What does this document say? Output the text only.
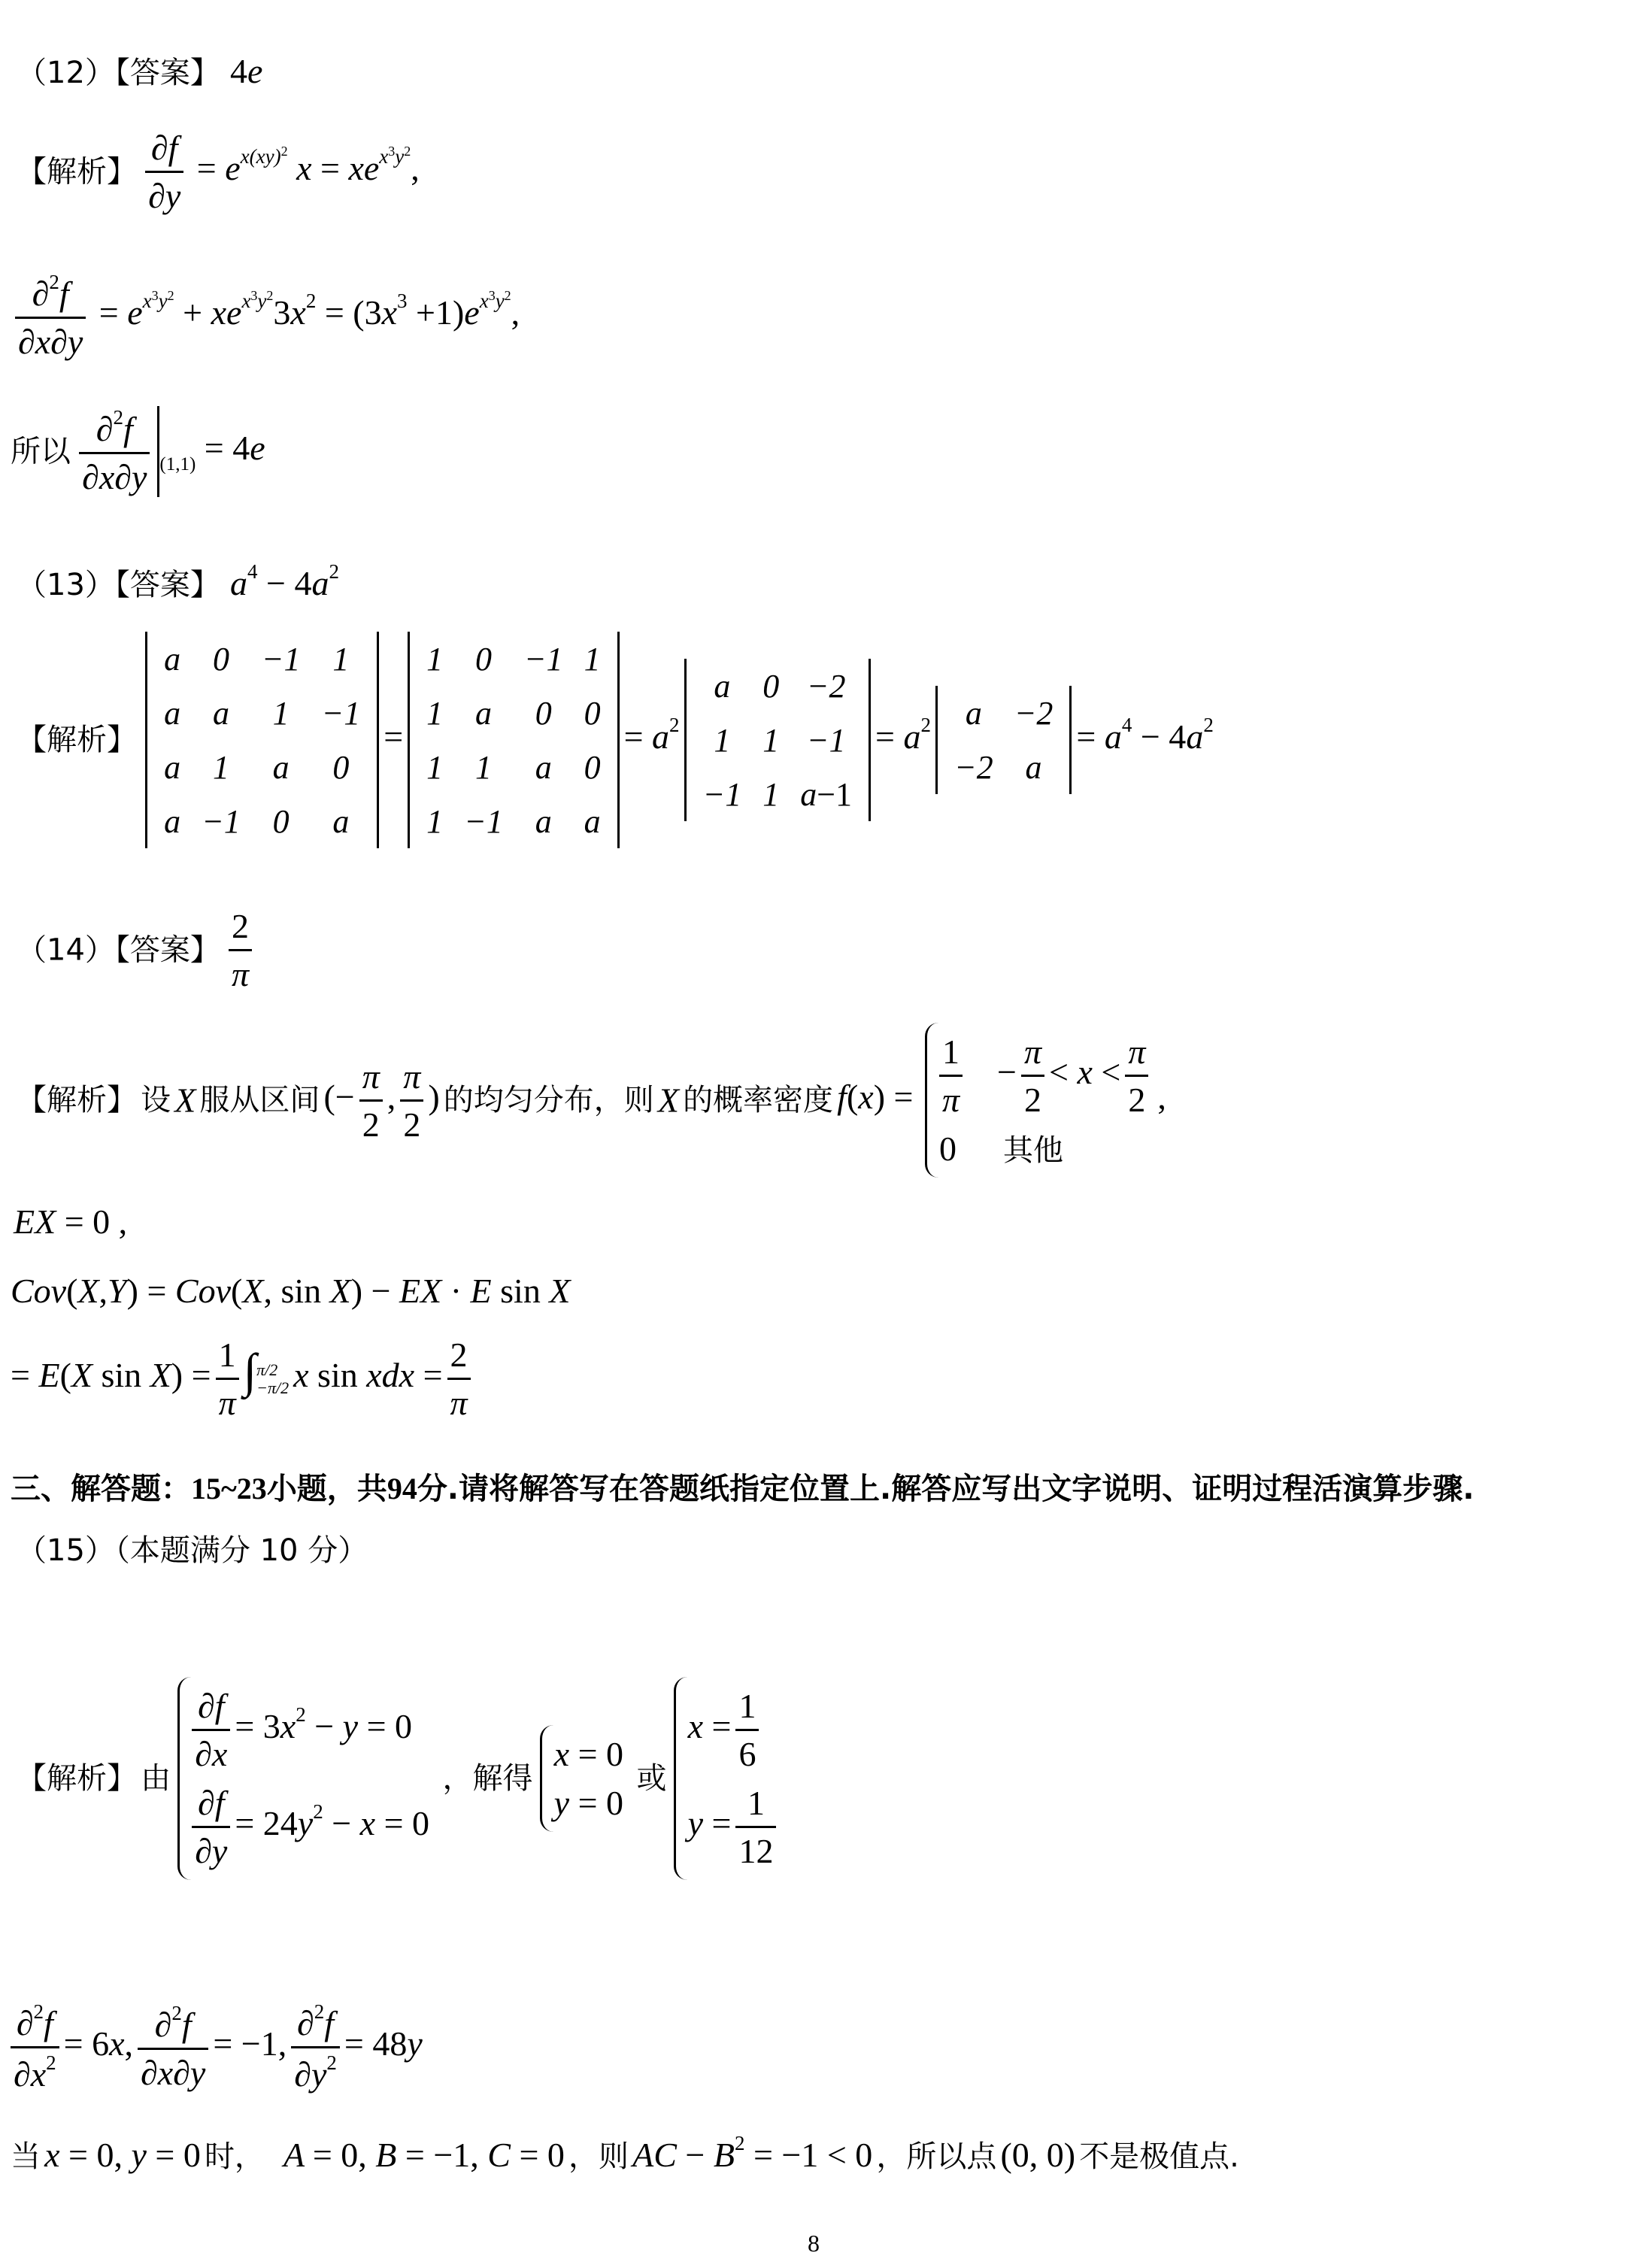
（12）【答案】 4e
【解析】 $\frac{\partial f}{\partial y} = e^{x(xy)^2}$ $x = xe^{x^3y^2}$,
$\frac{\partial^2f}{\partial x\partial y} = e^{x^3y^2} + xe^{x^3y^2}3x^2 = (3x^3 +1)e^{x^3y^2}$,
所以 $\frac{\partial^2f}{\partial x\partial y} _{(1,1)} = 4e$
（13）【答案】 $a^4 - 4a^2$
【解析】
a	0	−1	1
a	a	1	−1
a	1	a	0
a	−1	0	a
=
1	0	−1	1
1	a	0	0
1	1	a	0
1	−1	a	a
= $a^2$
a	0	−2
1	1	−1
−1	1	a−1
= $a^2$ a	−2
−2	a
= $a^4 - 4a^2$
（14）【答案】 $\frac{2}{\pi}$
【解析】 设 X 服从区间 (− $\frac{\pi}{2}$ , $\frac{\pi}{2}$ ) 的均匀分布，则 X 的概率密度 $f(x) = \frac{1}{\pi} - \frac{\pi}{2} < x < \frac{\pi}{2}$
0 其他
,
EX = 0 ,
Cov(X,Y) = Cov(X, sin X) − EX · E sin X
= E(X $\sin X) = \frac{1}{\pi}$ ∫ π/2
−π/2 x sin xdx = $\frac{2}{\pi}$
三、解答题：15~23小题，共94分.请将解答写在答题纸指定位置上.解答应写出文字说明、证明过程活演算步骤.
（15）（本题满分 10 分）
【解析】 由
$\frac{\partial f}{\partial x} = 3x^2 - y = 0$
$\frac{\partial f}{\partial y} = 24y^2 - x = 0$
，解得
x = 0
y = 0
或
$x = \frac{1}{6}$
$y = \frac{1}{12}$
$\frac{\partial^2f}{\partial x^2} = 6x$, $\frac{\partial^2f}{\partial x\partial y} = -1$, $\frac{\partial^2f}{\partial y^2} = 48y$
当 x = 0, y = 0 时， A = 0, B = −1, C = 0 ，则 AC − $B^2 = -1 < 0$ ，所以点 (0, 0) 不是极值点.
8
